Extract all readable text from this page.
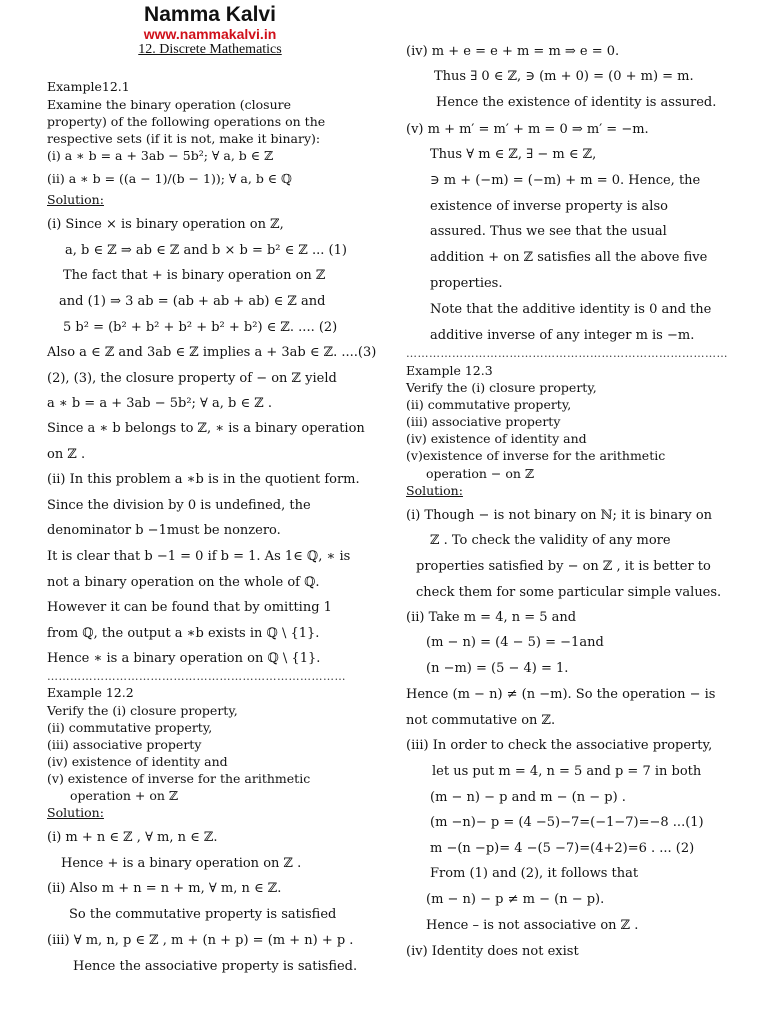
Namma Kalvi
www.nammakalvi.in
12. Discrete Mathematics
Example12.1
Examine the binary operation (closure
property) of the following operations on the
respective sets (if it is not, make it binary):
(i) a ∗ b = a + 3ab − 5b²; ∀ a, b ∈ ℤ
(ii) a ∗ b = ((a − 1)/(b − 1)); ∀ a, b ∈ ℚ
Solution:
(i) Since × is binary operation on ℤ,
a, b ∈ ℤ ⇒ ab ∈ ℤ and b × b = b² ∈ ℤ ... (1)
The fact that + is binary operation on ℤ
and (1) ⇒ 3 ab = (ab + ab + ab) ∈ ℤ and
5 b² = (b² + b² + b² + b² + b²) ∈ ℤ. .... (2)
Also a ∈ ℤ and 3ab ∈ ℤ implies a + 3ab ∈ ℤ. ....(3)
(2), (3), the closure property of − on ℤ yield
a ∗ b = a + 3ab − 5b²; ∀ a, b ∈ ℤ .
Since a ∗ b belongs to ℤ, ∗ is a binary operation
on ℤ .
(ii) In this problem a ∗b is in the quotient form.
Since the division by 0 is undefined, the
denominator b −1must be nonzero.
It is clear that b −1 = 0 if b = 1. As 1∈ ℚ, ∗ is
not a binary operation on the whole of ℚ.
However it can be found that by omitting 1
from ℚ, the output a ∗b exists in ℚ \ {1}.
Hence ∗ is a binary operation on ℚ \ {1}.
……………………………………………………………………
Example 12.2
Verify the (i) closure property,
(ii) commutative property,
(iii) associative property
(iv) existence of identity and
(v) existence of inverse for the arithmetic
operation + on ℤ
Solution:
(i) m + n ∈ ℤ , ∀ m, n ∈ ℤ.
Hence + is a binary operation on ℤ .
(ii) Also m + n = n + m, ∀ m, n ∈ ℤ.
So the commutative property is satisfied
(iii) ∀ m, n, p ∈ ℤ , m + (n + p) = (m + n) + p .
Hence the associative property is satisfied.
(iv) m + e = e + m = m ⇒ e = 0.
Thus ∃ 0 ∈ ℤ, ∋ (m + 0) = (0 + m) = m.
Hence the existence of identity is assured.
(v) m + m′ = m′ + m = 0 ⇒ m′ = −m.
Thus ∀ m ∈ ℤ, ∃ − m ∈ ℤ,
∋ m + (−m) = (−m) + m = 0. Hence, the
existence of inverse property is also
assured. Thus we see that the usual
addition + on ℤ satisfies all the above five
properties.
Note that the additive identity is 0 and the
additive inverse of any integer m is −m.
…………………………………………………………………………
Example 12.3
Verify the (i) closure property,
(ii) commutative property,
(iii) associative property
(iv) existence of identity and
(v)existence of inverse for the arithmetic
operation − on ℤ
Solution:
(i) Though − is not binary on ℕ; it is binary on
ℤ . To check the validity of any more
properties satisfied by − on ℤ , it is better to
check them for some particular simple values.
(ii) Take m = 4, n = 5 and
(m − n) = (4 − 5) = −1and
(n −m) = (5 − 4) = 1.
Hence (m − n) ≠ (n −m). So the operation − is
not commutative on ℤ.
(iii) In order to check the associative property,
let us put m = 4, n = 5 and p = 7 in both
(m − n) − p and m − (n − p) .
(m −n)− p = (4 −5)−7=(−1−7)=−8 ...(1)
m −(n −p)= 4 −(5 −7)=(4+2)=6 . ... (2)
From (1) and (2), it follows that
(m − n) − p ≠ m − (n − p).
Hence – is not associative on ℤ .
(iv) Identity does not exist
